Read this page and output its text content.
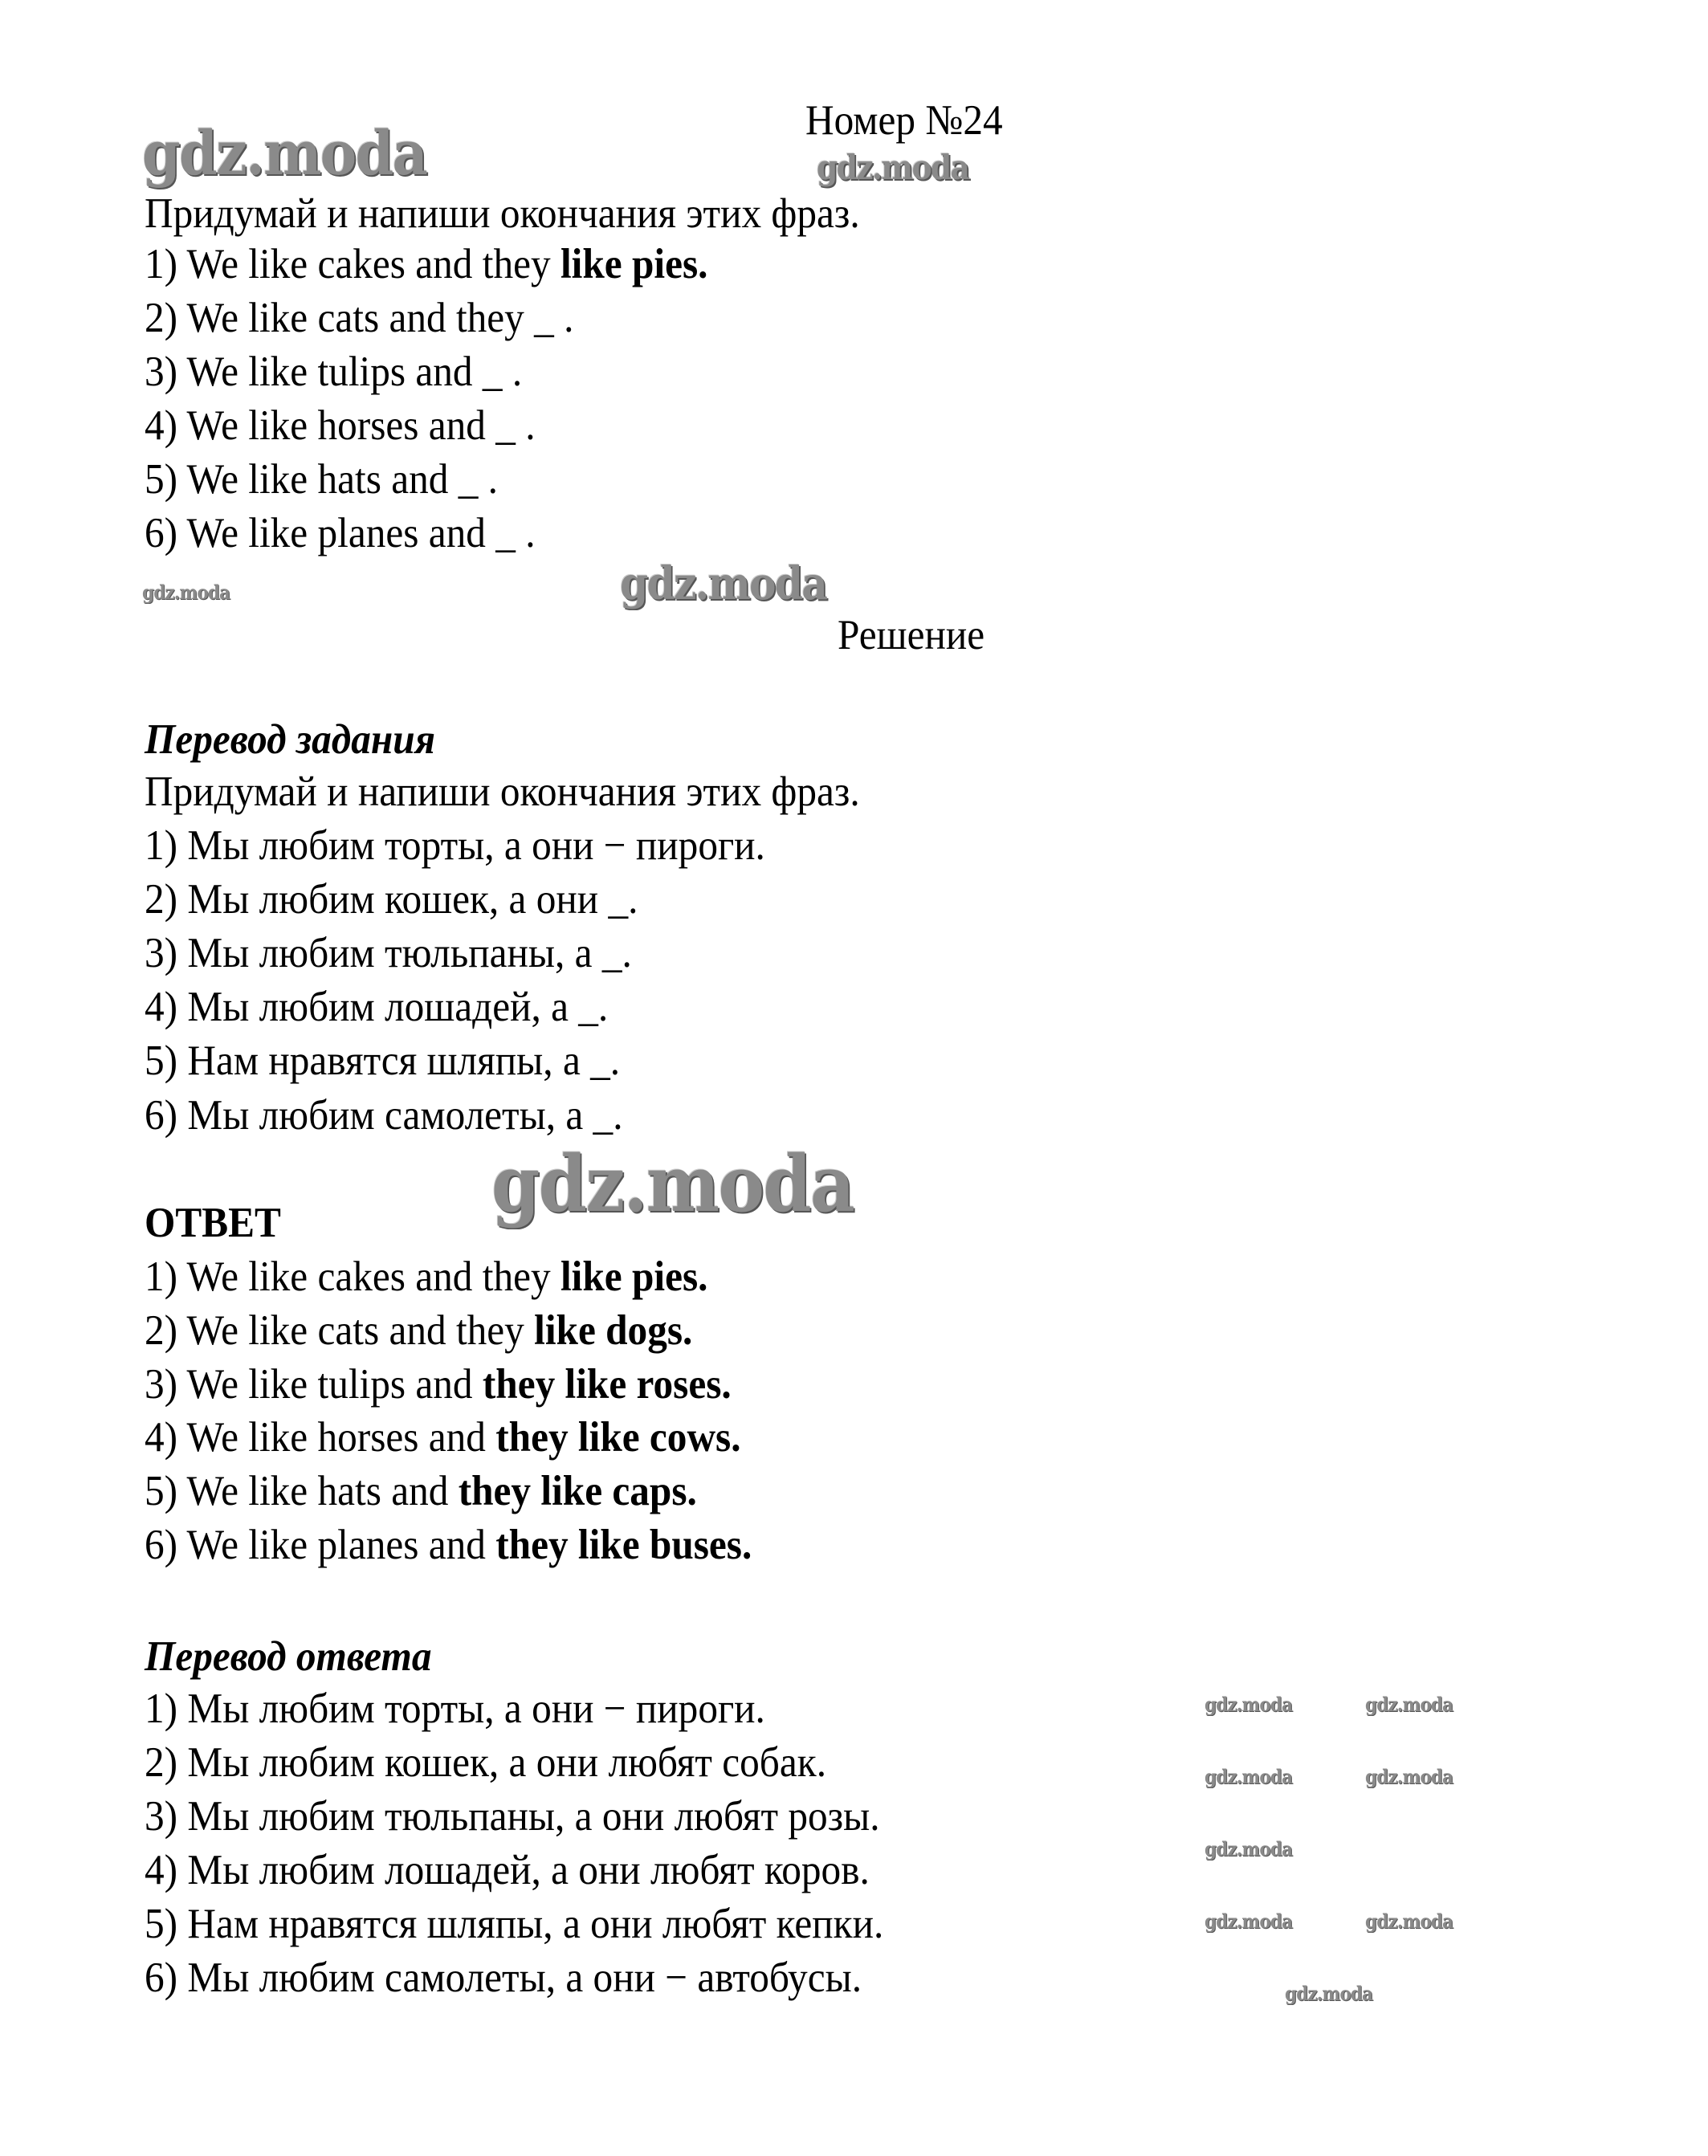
Номер №24
Придумай и напиши окончания этих фраз.
1) We like cakes and they like pies.
2) We like cats and they _ .
3) We like tulips and _ .
4) We like horses and _ .
5) We like hats and _ .
6) We like planes and _ .
Решение
Перевод задания
Придумай и напиши окончания этих фраз.
1) Мы любим торты, а они − пироги.
2) Мы любим кошек, а они _.
3) Мы любим тюльпаны, а _.
4) Мы любим лошадей, а _.
5) Нам нравятся шляпы, а _.
6) Мы любим самолеты, а _.
ОТВЕТ
1) We like cakes and they like pies.
2) We like cats and they like dogs.
3) We like tulips and they like roses.
4) We like horses and they like cows.
5) We like hats and they like caps.
6) We like planes and they like buses.
Перевод ответа
1) Мы любим торты, а они − пироги.
2) Мы любим кошек, а они любят собак.
3) Мы любим тюльпаны, а они любят розы.
4) Мы любим лошадей, а они любят коров.
5) Нам нравятся шляпы, а они любят кепки.
6) Мы любим самолеты, а они − автобусы.
gdz.moda	gdz.moda
gdz.moda	gdz.moda
gdz.moda
gdz.moda	gdz.moda
gdz.moda	gdz.moda
gdz.moda
gdz.moda	gdz.moda
gdz.moda
